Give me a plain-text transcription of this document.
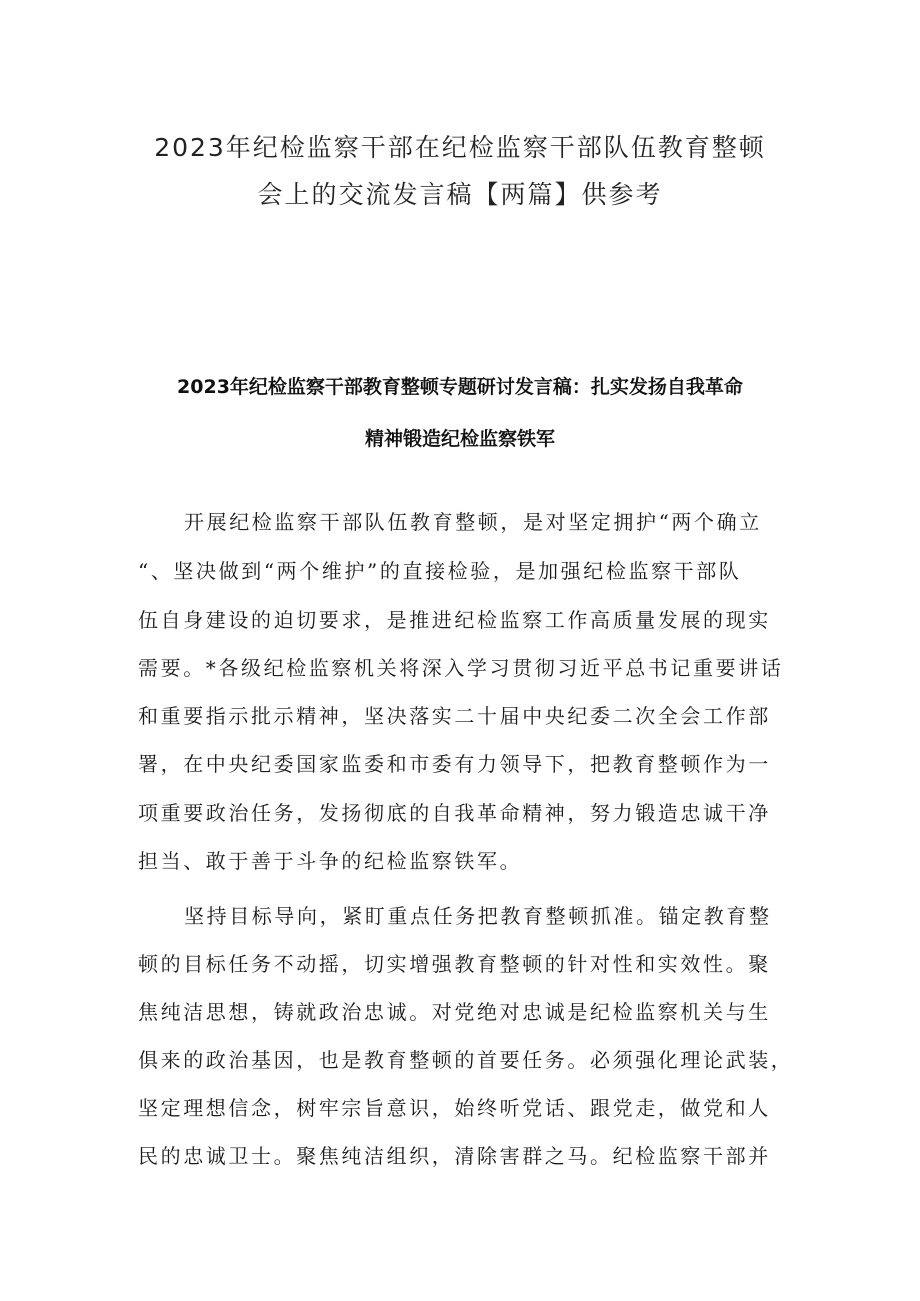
2023年纪检监察干部在纪检监察干部队伍教育整顿
会上的交流发言稿【两篇】供参考
2023年纪检监察干部教育整顿专题研讨发言稿：扎实发扬自我革命
精神锻造纪检监察铁军

开展纪检监察干部队伍教育整顿，是对坚定拥护“两个确立

“、坚决做到“两个维护”的直接检验，是加强纪检监察干部队

伍自身建设的迫切要求，是推进纪检监察工作高质量发展的现实

需要。*各级纪检监察机关将深入学习贯彻习近平总书记重要讲话

和重要指示批示精神，坚决落实二十届中央纪委二次全会工作部

署，在中央纪委国家监委和市委有力领导下，把教育整顿作为一

项重要政治任务，发扬彻底的自我革命精神，努力锻造忠诚干净

担当、敢于善于斗争的纪检监察铁军。

坚持目标导向，紧盯重点任务把教育整顿抓准。锚定教育整

顿的目标任务不动摇，切实增强教育整顿的针对性和实效性。聚

焦纯洁思想，铸就政治忠诚。对党绝对忠诚是纪检监察机关与生

俱来的政治基因，也是教育整顿的首要任务。必须强化理论武装，

坚定理想信念，树牢宗旨意识，始终听党话、跟党走，做党和人

民的忠诚卫士。聚焦纯洁组织，清除害群之马。纪检监察干部并
